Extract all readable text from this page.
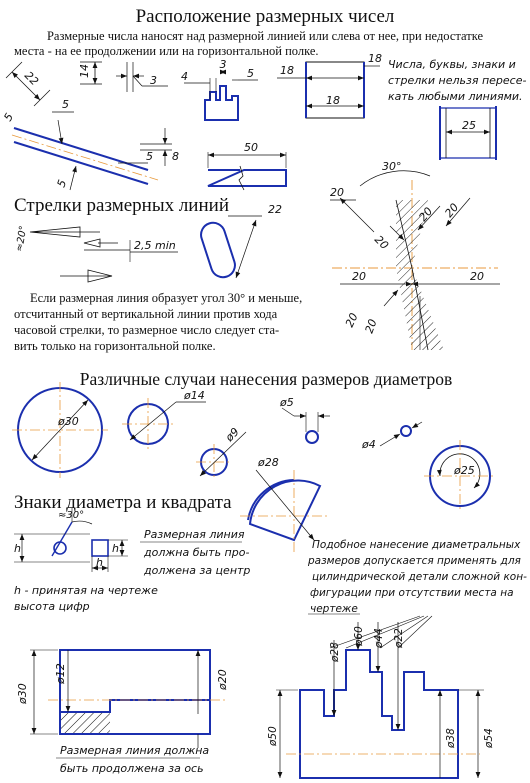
Расположение размерных чисел
Размерные числа наносят над размерной линией или слева от нее, при недостатке
места - на ее продолжении или на горизонтальной полке.
22	14
3 4
3
5 18
18
18
Числа, буквы, знаки и
стрелки нельзя пересе-
кать любыми линиями.
5
5
5
5
8
50
25
30°
20
20
20 20
20	20
20
20
Стрелки размерных линий
≈20°	2,5 min
22
Если размерная линия образует угол 30° и меньше,
отсчитанный от вертикальной линии против хода
часовой стрелки, то размерное число следует ста-
вить только на горизонтальной полке.
Различные случаи нанесения размеров диаметров
ø30
ø14
ø9
ø5
ø4
ø25
ø28
Знаки диаметра и квадрата
h
≈30°
h
h
Размерная линия
должна быть про-
должена за центр
h - принятая на чертеже
высота цифр
Подобное нанесение диаметральных
размеров допускается применять для
цилиндрической детали сложной кон-
фигурации при отсутствии места на
чертеже
ø30
ø12	ø20
Размерная линия должна
быть продолжена за ось
ø28
ø60 ø44 ø22
ø50	ø38 ø54
